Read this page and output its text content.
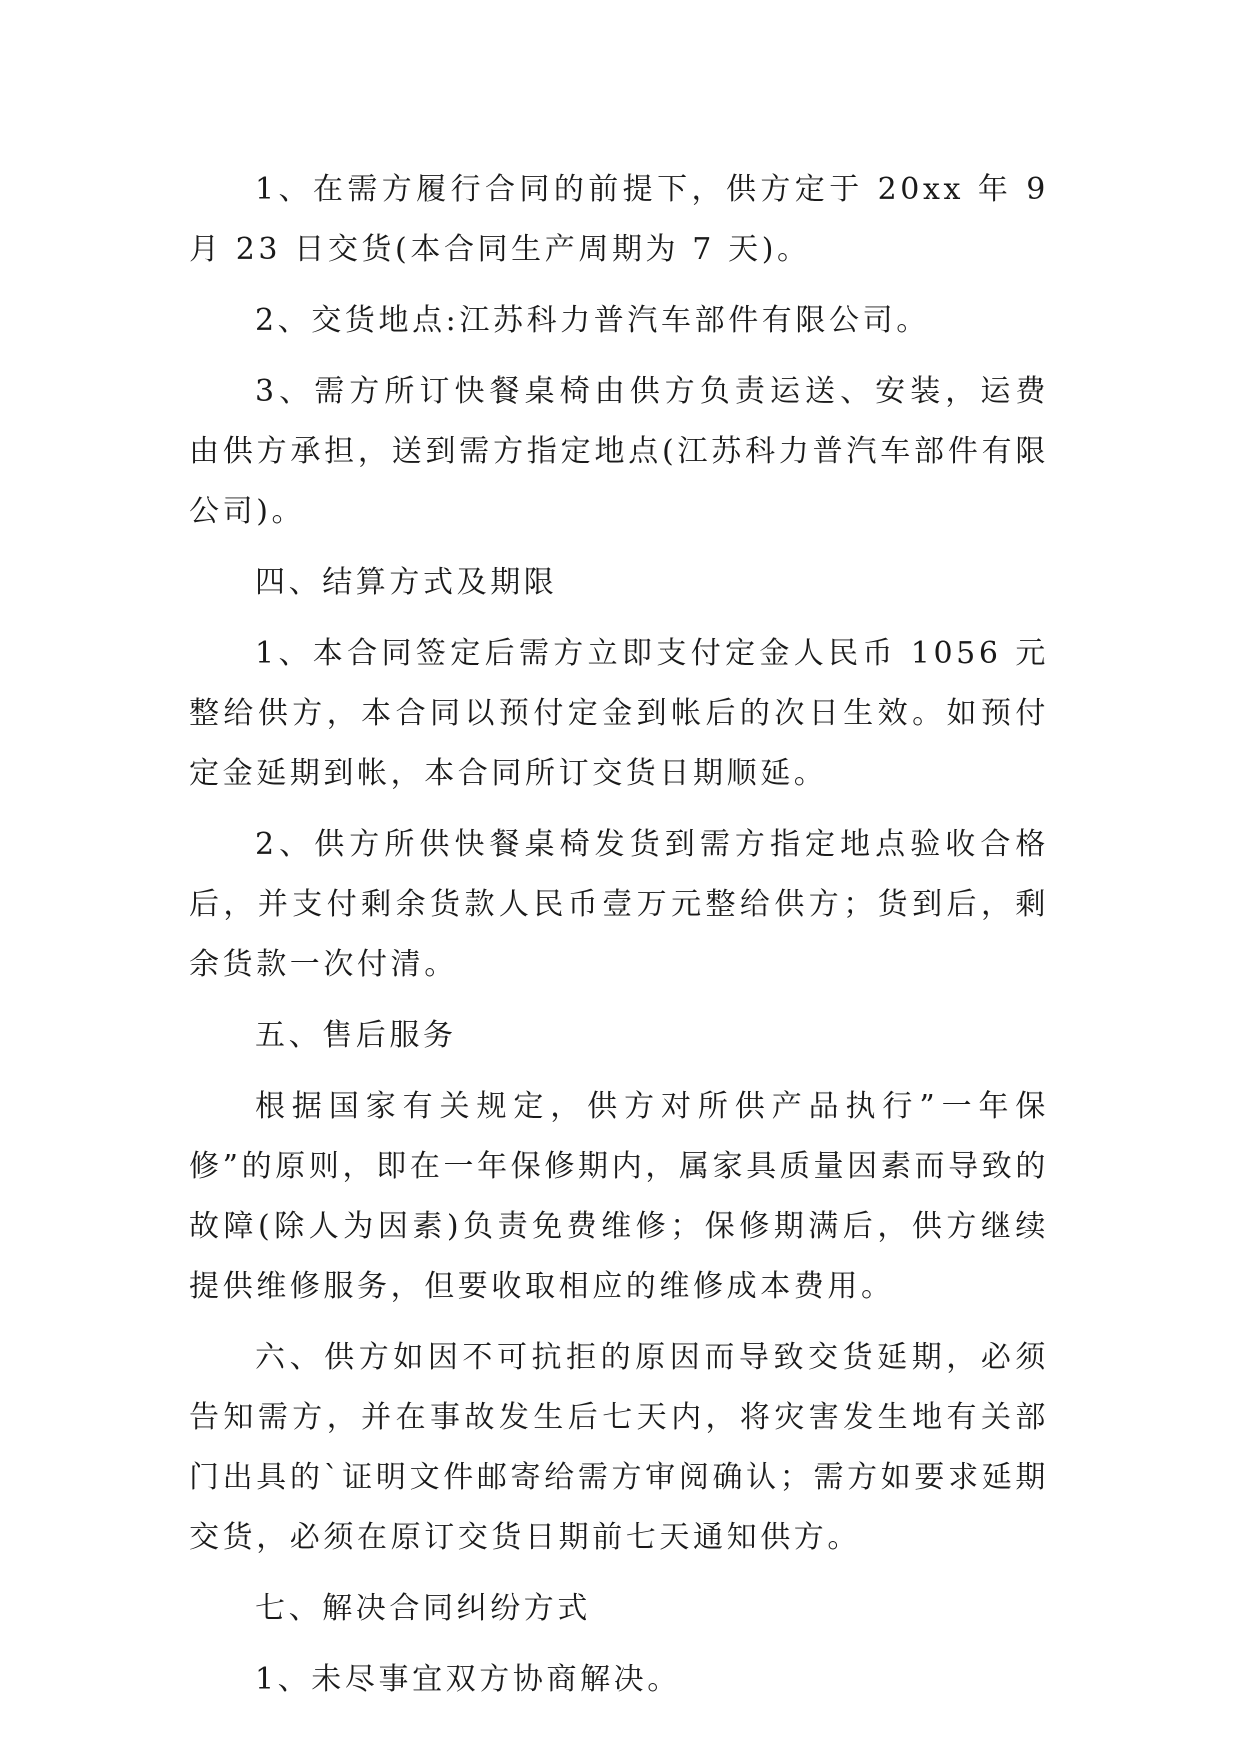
1、在需方履行合同的前提下，供方定于 20xx 年 9 月 23 日交货(本合同生产周期为 7 天)。

2、交货地点:江苏科力普汽车部件有限公司。

3、需方所订快餐桌椅由供方负责运送、安装，运费由供方承担，送到需方指定地点(江苏科力普汽车部件有限公司)。

四、结算方式及期限

1、本合同签定后需方立即支付定金人民币 1056 元整给供方，本合同以预付定金到帐后的次日生效。如预付定金延期到帐，本合同所订交货日期顺延。

2、供方所供快餐桌椅发货到需方指定地点验收合格后，并支付剩余货款人民币壹万元整给供方；货到后，剩余货款一次付清。

五、售后服务

根据国家有关规定，供方对所供产品执行”一年保修”的原则，即在一年保修期内，属家具质量因素而导致的故障(除人为因素)负责免费维修；保修期满后，供方继续提供维修服务，但要收取相应的维修成本费用。

六、供方如因不可抗拒的原因而导致交货延期，必须告知需方，并在事故发生后七天内，将灾害发生地有关部门出具的`证明文件邮寄给需方审阅确认；需方如要求延期交货，必须在原订交货日期前七天通知供方。

七、解决合同纠纷方式

1、未尽事宜双方协商解决。
